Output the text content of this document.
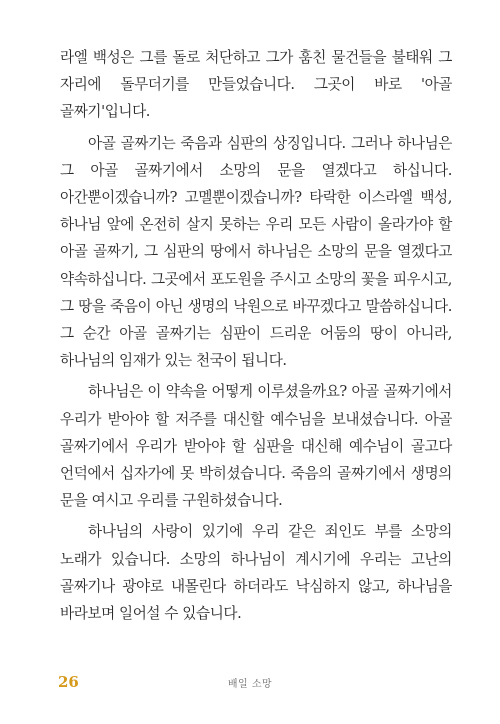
라엘 백성은 그를 돌로 처단하고 그가 훔친 물건들을 불태워 그 자리에 돌무더기를 만들었습니다. 그곳이 바로 '아골 골짜기'입니다.

아골 골짜기는 죽음과 심판의 상징입니다. 그러나 하나님은 그 아골 골짜기에서 소망의 문을 열겠다고 하십니다. 아간뿐이겠습니까? 고멜뿐이겠습니까? 타락한 이스라엘 백성, 하나님 앞에 온전히 살지 못하는 우리 모든 사람이 올라가야 할 아골 골짜기, 그 심판의 땅에서 하나님은 소망의 문을 열겠다고 약속하십니다. 그곳에서 포도원을 주시고 소망의 꽃을 피우시고, 그 땅을 죽음이 아닌 생명의 낙원으로 바꾸겠다고 말씀하십니다. 그 순간 아골 골짜기는 심판이 드리운 어둠의 땅이 아니라, 하나님의 임재가 있는 천국이 됩니다.

하나님은 이 약속을 어떻게 이루셨을까요? 아골 골짜기에서 우리가 받아야 할 저주를 대신할 예수님을 보내셨습니다. 아골 골짜기에서 우리가 받아야 할 심판을 대신해 예수님이 골고다 언덕에서 십자가에 못 박히셨습니다. 죽음의 골짜기에서 생명의 문을 여시고 우리를 구원하셨습니다.

하나님의 사랑이 있기에 우리 같은 죄인도 부를 소망의 노래가 있습니다. 소망의 하나님이 계시기에 우리는 고난의 골짜기나 광야로 내몰린다 하더라도 낙심하지 않고, 하나님을 바라보며 일어설 수 있습니다.

26	배일 소망
